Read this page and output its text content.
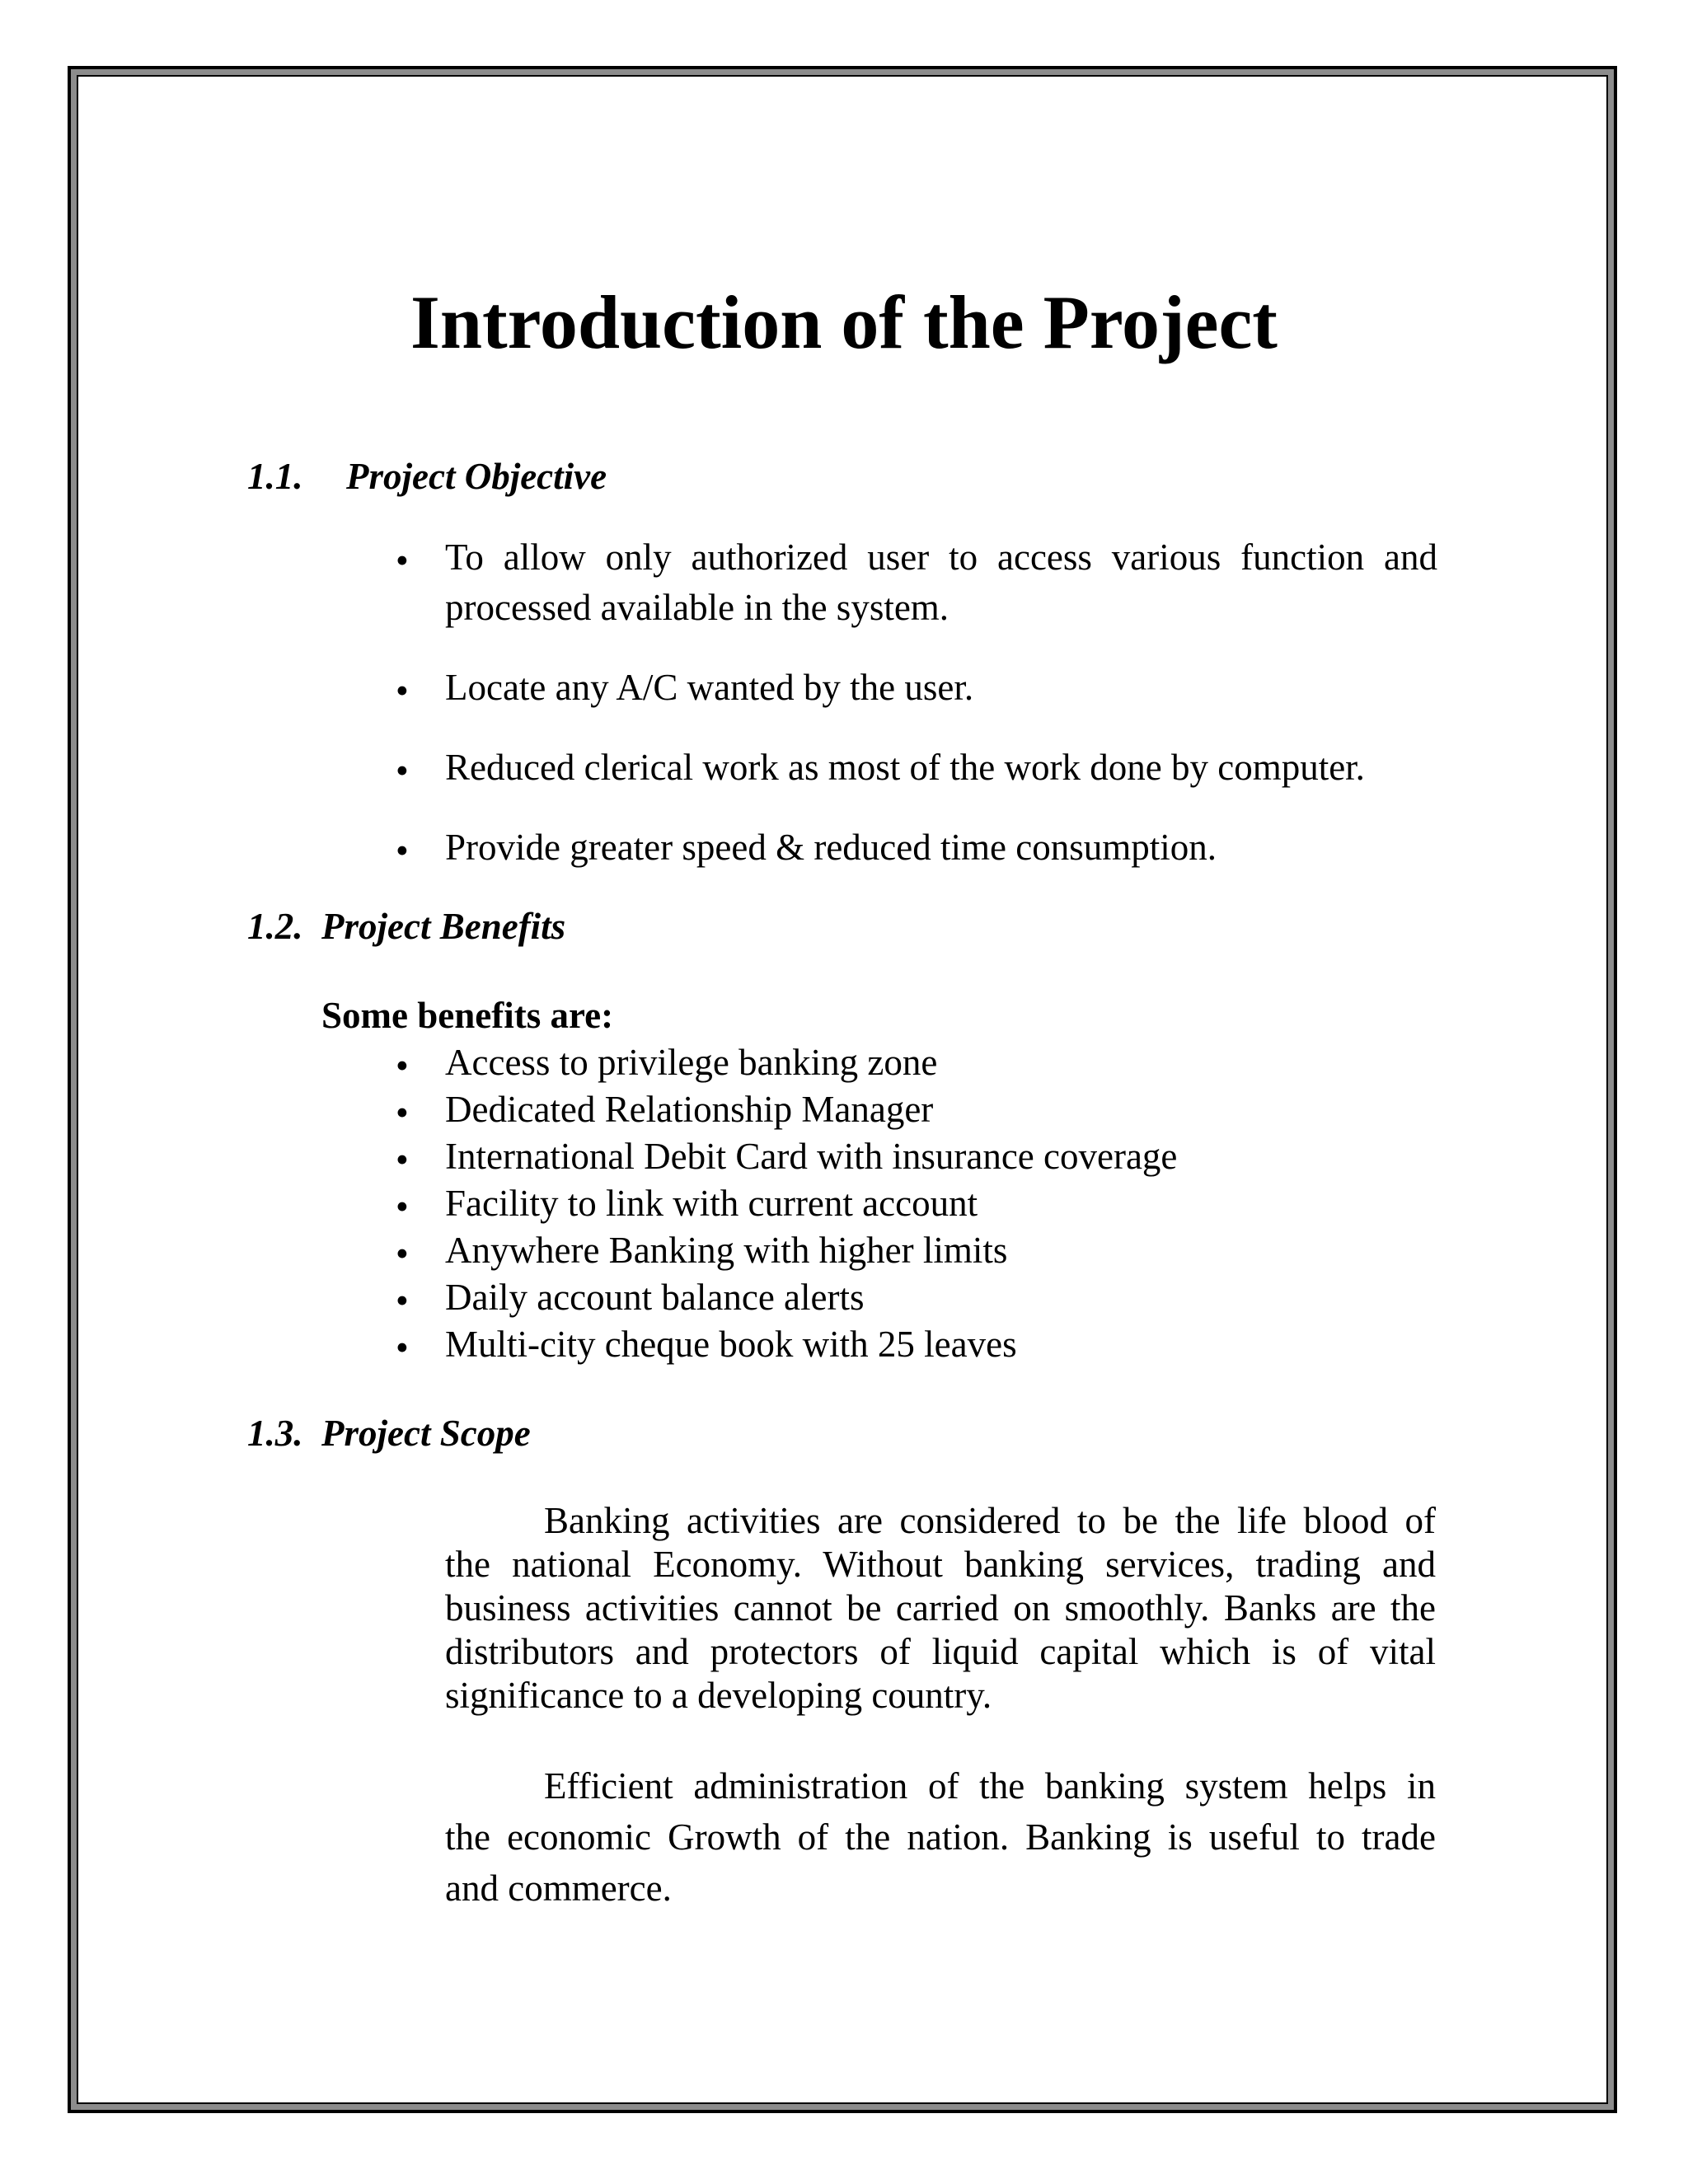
Introduction of the Project
1.1. Project Objective
• To allow only authorized user to access various function and
processed available in the system.
• Locate any A/C wanted by the user.
• Reduced clerical work as most of the work done by computer.
• Provide greater speed & reduced time consumption.
1.2. Project Benefits
Some benefits are:
• Access to privilege banking zone
• Dedicated Relationship Manager
• International Debit Card with insurance coverage
• Facility to link with current account
• Anywhere Banking with higher limits
• Daily account balance alerts
• Multi-city cheque book with 25 leaves
1.3. Project Scope
Banking activities are considered to be the life blood of
the national Economy. Without banking services, trading and
business activities cannot be carried on smoothly. Banks are the
distributors and protectors of liquid capital which is of vital
significance to a developing country.
Efficient administration of the banking system helps in
the economic Growth of the nation. Banking is useful to trade
and commerce.
